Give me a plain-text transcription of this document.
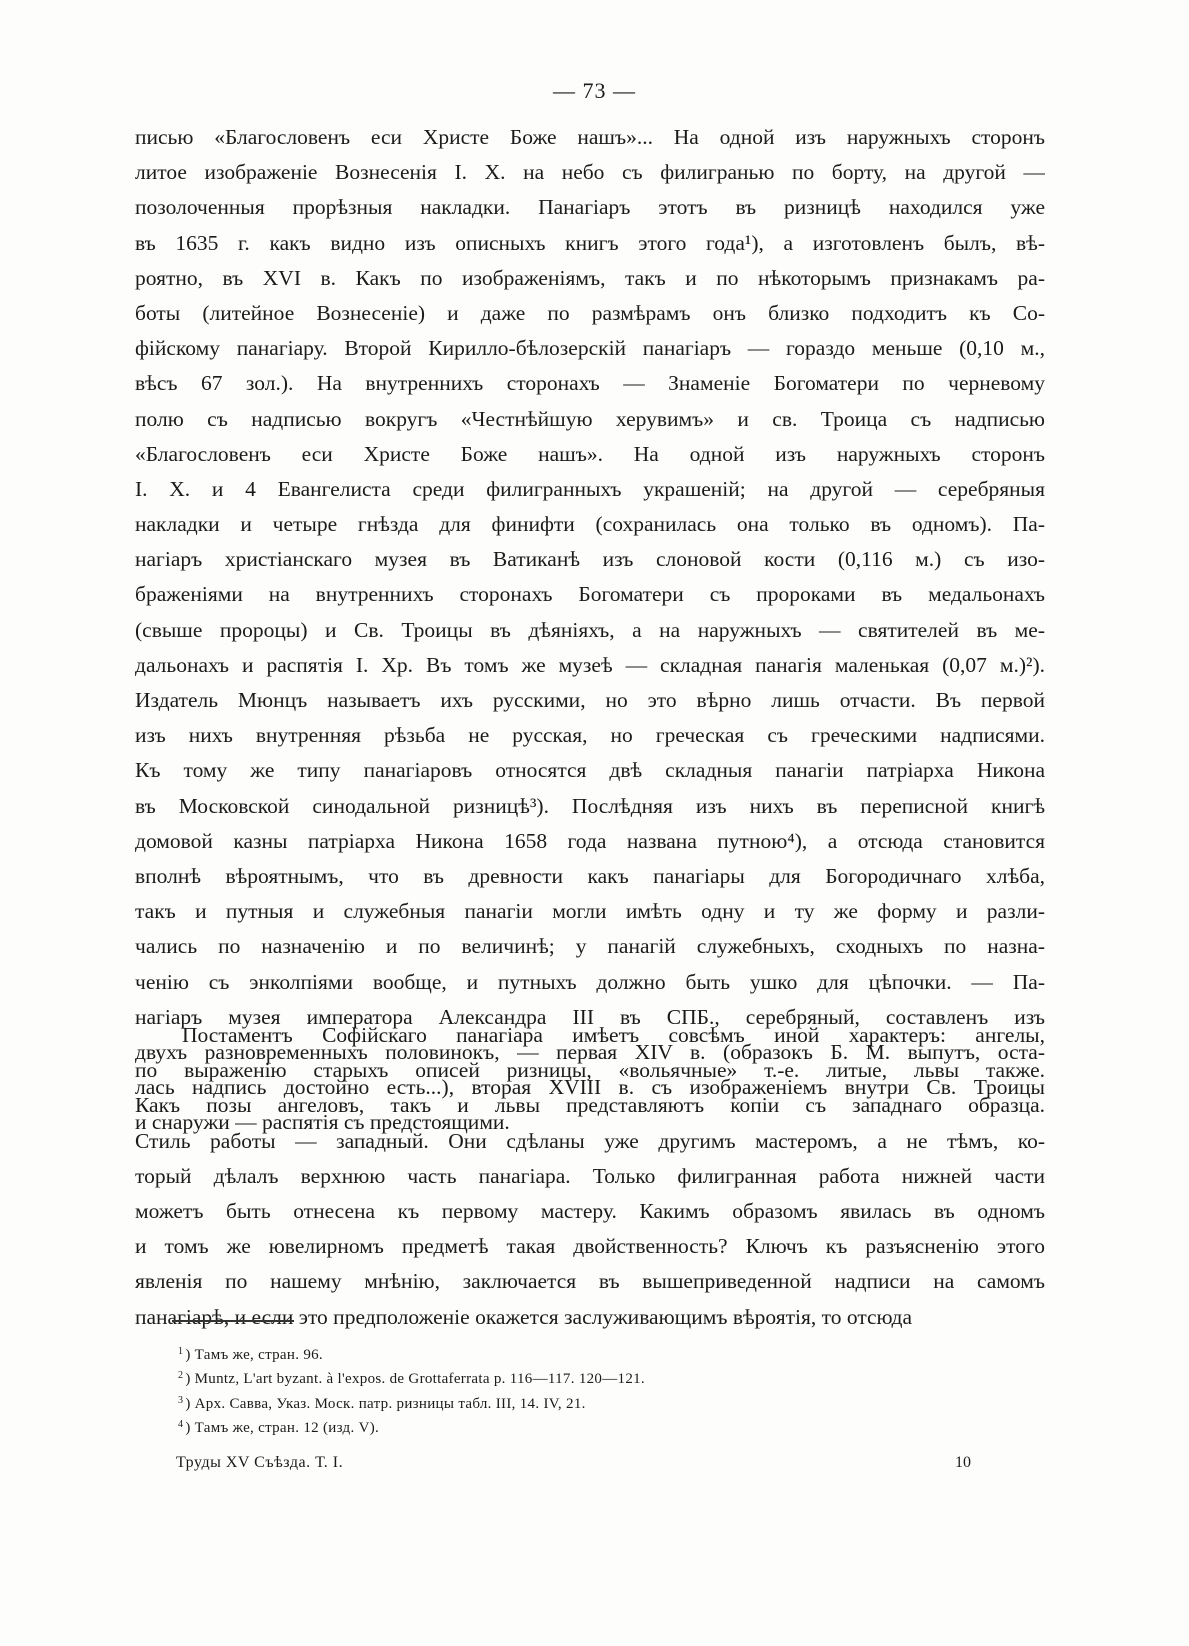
— 73 —
писью «Благословенъ еси Христе Боже нашъ»... На одной изъ наружныхъ сторонъ
литое изображеніе Вознесенія І. Х. на небо съ филигранью по борту, на другой —
позолоченныя прорѣзныя накладки. Панагіаръ этотъ въ ризницѣ находился уже
въ 1635 г. какъ видно изъ описныхъ книгъ этого года¹), а изготовленъ былъ, вѣ-
роятно, въ XVI в. Какъ по изображеніямъ, такъ и по нѣкоторымъ признакамъ ра-
боты (литейное Вознесеніе) и даже по размѣрамъ онъ близко подходитъ къ Со-
фійскому панагіару. Второй Кирилло-бѣлозерскій панагіаръ — гораздо меньше (0,10 м.,
вѣсъ 67 зол.). На внутреннихъ сторонахъ — Знаменіе Богоматери по черневому
полю съ надписью вокругъ «Честнѣйшую херувимъ» и св. Троица съ надписью
«Благословенъ еси Христе Боже нашъ». На одной изъ наружныхъ сторонъ
І. Х. и 4 Евангелиста среди филигранныхъ украшеній; на другой — серебряныя
накладки и четыре гнѣзда для финифти (сохранилась она только въ одномъ). Па-
нагіаръ христіанскаго музея въ Ватиканѣ изъ слоновой кости (0,116 м.) съ изо-
браженіями на внутреннихъ сторонахъ Богоматери съ пророками въ медальонахъ
(свыше пророцы) и Св. Троицы въ дѣяніяхъ, а на наружныхъ — святителей въ ме-
дальонахъ и распятія І. Хр. Въ томъ же музеѣ — складная панагія маленькая (0,07 м.)²).
Издатель Мюнцъ называетъ ихъ русскими, но это вѣрно лишь отчасти. Въ первой
изъ нихъ внутренняя рѣзьба не русская, но греческая съ греческими надписями.
Къ тому же типу панагіаровъ относятся двѣ складныя панагіи патріарха Никона
въ Московской синодальной ризницѣ³). Послѣдняя изъ нихъ въ переписной книгѣ
домовой казны патріарха Никона 1658 года названа путною⁴), а отсюда становится
вполнѣ вѣроятнымъ, что въ древности какъ панагіары для Богородичнаго хлѣба,
такъ и путныя и служебныя панагіи могли имѣть одну и ту же форму и разли-
чались по назначенію и по величинѣ; у панагій служебныхъ, сходныхъ по назна-
ченію съ энколпіями вообще, и путныхъ должно быть ушко для цѣпочки. — Па-
нагіаръ музея императора Александра III въ СПБ., серебряный, составленъ изъ
двухъ разновременныхъ половинокъ, — первая XIV в. (образокъ Б. М. выпутъ, оста-
лась надпись достойно есть...), вторая XVIII в. съ изображеніемъ внутри Св. Троицы
и снаружи — распятія съ предстоящими.
Постаментъ Софійскаго панагіара имѣетъ совсѣмъ иной характеръ: ангелы,
по выраженію старыхъ описей ризницы, «вольячные» т.-е. литые, львы также.
Какъ позы ангеловъ, такъ и львы представляютъ копіи съ западнаго образца.
Стиль работы — западный. Они сдѣланы уже другимъ мастеромъ, а не тѣмъ, ко-
торый дѣлалъ верхнюю часть панагіара. Только филигранная работа нижней части
можетъ быть отнесена къ первому мастеру. Какимъ образомъ явилась въ одномъ
и томъ же ювелирномъ предметѣ такая двойственность? Ключъ къ разъясненію этого
явленія по нашему мнѣнію, заключается въ вышеприведенной надписи на самомъ
панагіарѣ, и если это предположеніе окажется заслуживающимъ вѣроятія, то отсюда
$^1$ ) Тамъ же, стран. 96.
$^2$ ) Muntz, L'art byzant. à l'expos. de Grottaferrata p. 116—117. 120—121.
$^3$ ) Арх. Савва, Указ. Моск. патр. ризницы табл. III, 14. IV, 21.
$^4$ ) Тамъ же, стран. 12 (изд. V).
Труды XV Съѣзда. Т. I.	10
